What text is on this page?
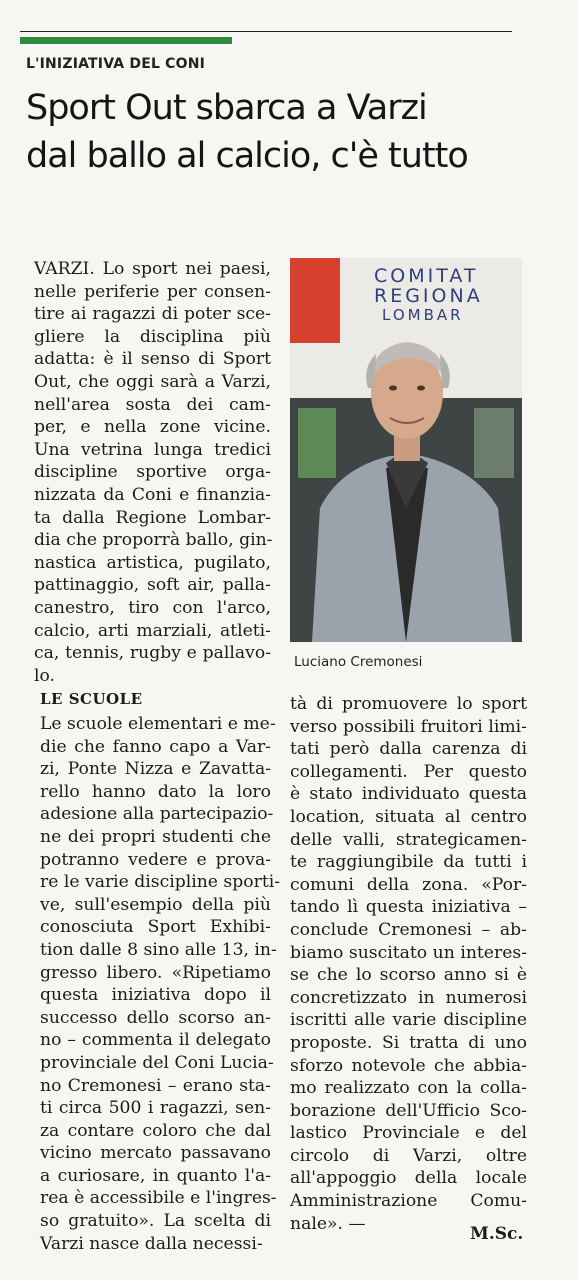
L'INIZIATIVA DEL CONI
Sport Out sbarca a Varzi
dal ballo al calcio, c'è tutto
VARZI. Lo sport nei paesi,
nelle periferie per consen-
tire ai ragazzi di poter sce-
gliere la disciplina più
adatta: è il senso di Sport
Out, che oggi sarà a Varzi,
nell'area sosta dei cam-
per, e nella zone vicine.
Una vetrina lunga tredici
discipline sportive orga-
nizzata da Coni e finanzia-
ta dalla Regione Lombar-
dia che proporrà ballo, gin-
nastica artistica, pugilato,
pattinaggio, soft air, palla-
canestro, tiro con l'arco,
calcio, arti marziali, atleti-
ca, tennis, rugby e pallavo-
lo.
COMITAT
REGIONA
LOMBAR
Luciano Cremonesi
LE SCUOLE
Le scuole elementari e me-
die che fanno capo a Var-
zi, Ponte Nizza e Zavatta-
rello hanno dato la loro
adesione alla partecipazio-
ne dei propri studenti che
potranno vedere e prova-
re le varie discipline sporti-
ve, sull'esempio della più
conosciuta Sport Exhibi-
tion dalle 8 sino alle 13, in-
gresso libero. «Ripetiamo
questa iniziativa dopo il
successo dello scorso an-
no – commenta il delegato
provinciale del Coni Lucia-
no Cremonesi – erano sta-
ti circa 500 i ragazzi, sen-
za contare coloro che dal
vicino mercato passavano
a curiosare, in quanto l'a-
rea è accessibile e l'ingres-
so gratuito». La scelta di
Varzi nasce dalla necessi-
tà di promuovere lo sport
verso possibili fruitori limi-
tati però dalla carenza di
collegamenti. Per questo
è stato individuato questa
location, situata al centro
delle valli, strategicamen-
te raggiungibile da tutti i
comuni della zona. «Por-
tando lì questa iniziativa –
conclude Cremonesi – ab-
biamo suscitato un interes-
se che lo scorso anno si è
concretizzato in numerosi
iscritti alle varie discipline
proposte. Si tratta di uno
sforzo notevole che abbia-
mo realizzato con la colla-
borazione dell'Ufficio Sco-
lastico Provinciale e del
circolo di Varzi, oltre
all'appoggio della locale
Amministrazione Comu-
nale». —
M.Sc.
